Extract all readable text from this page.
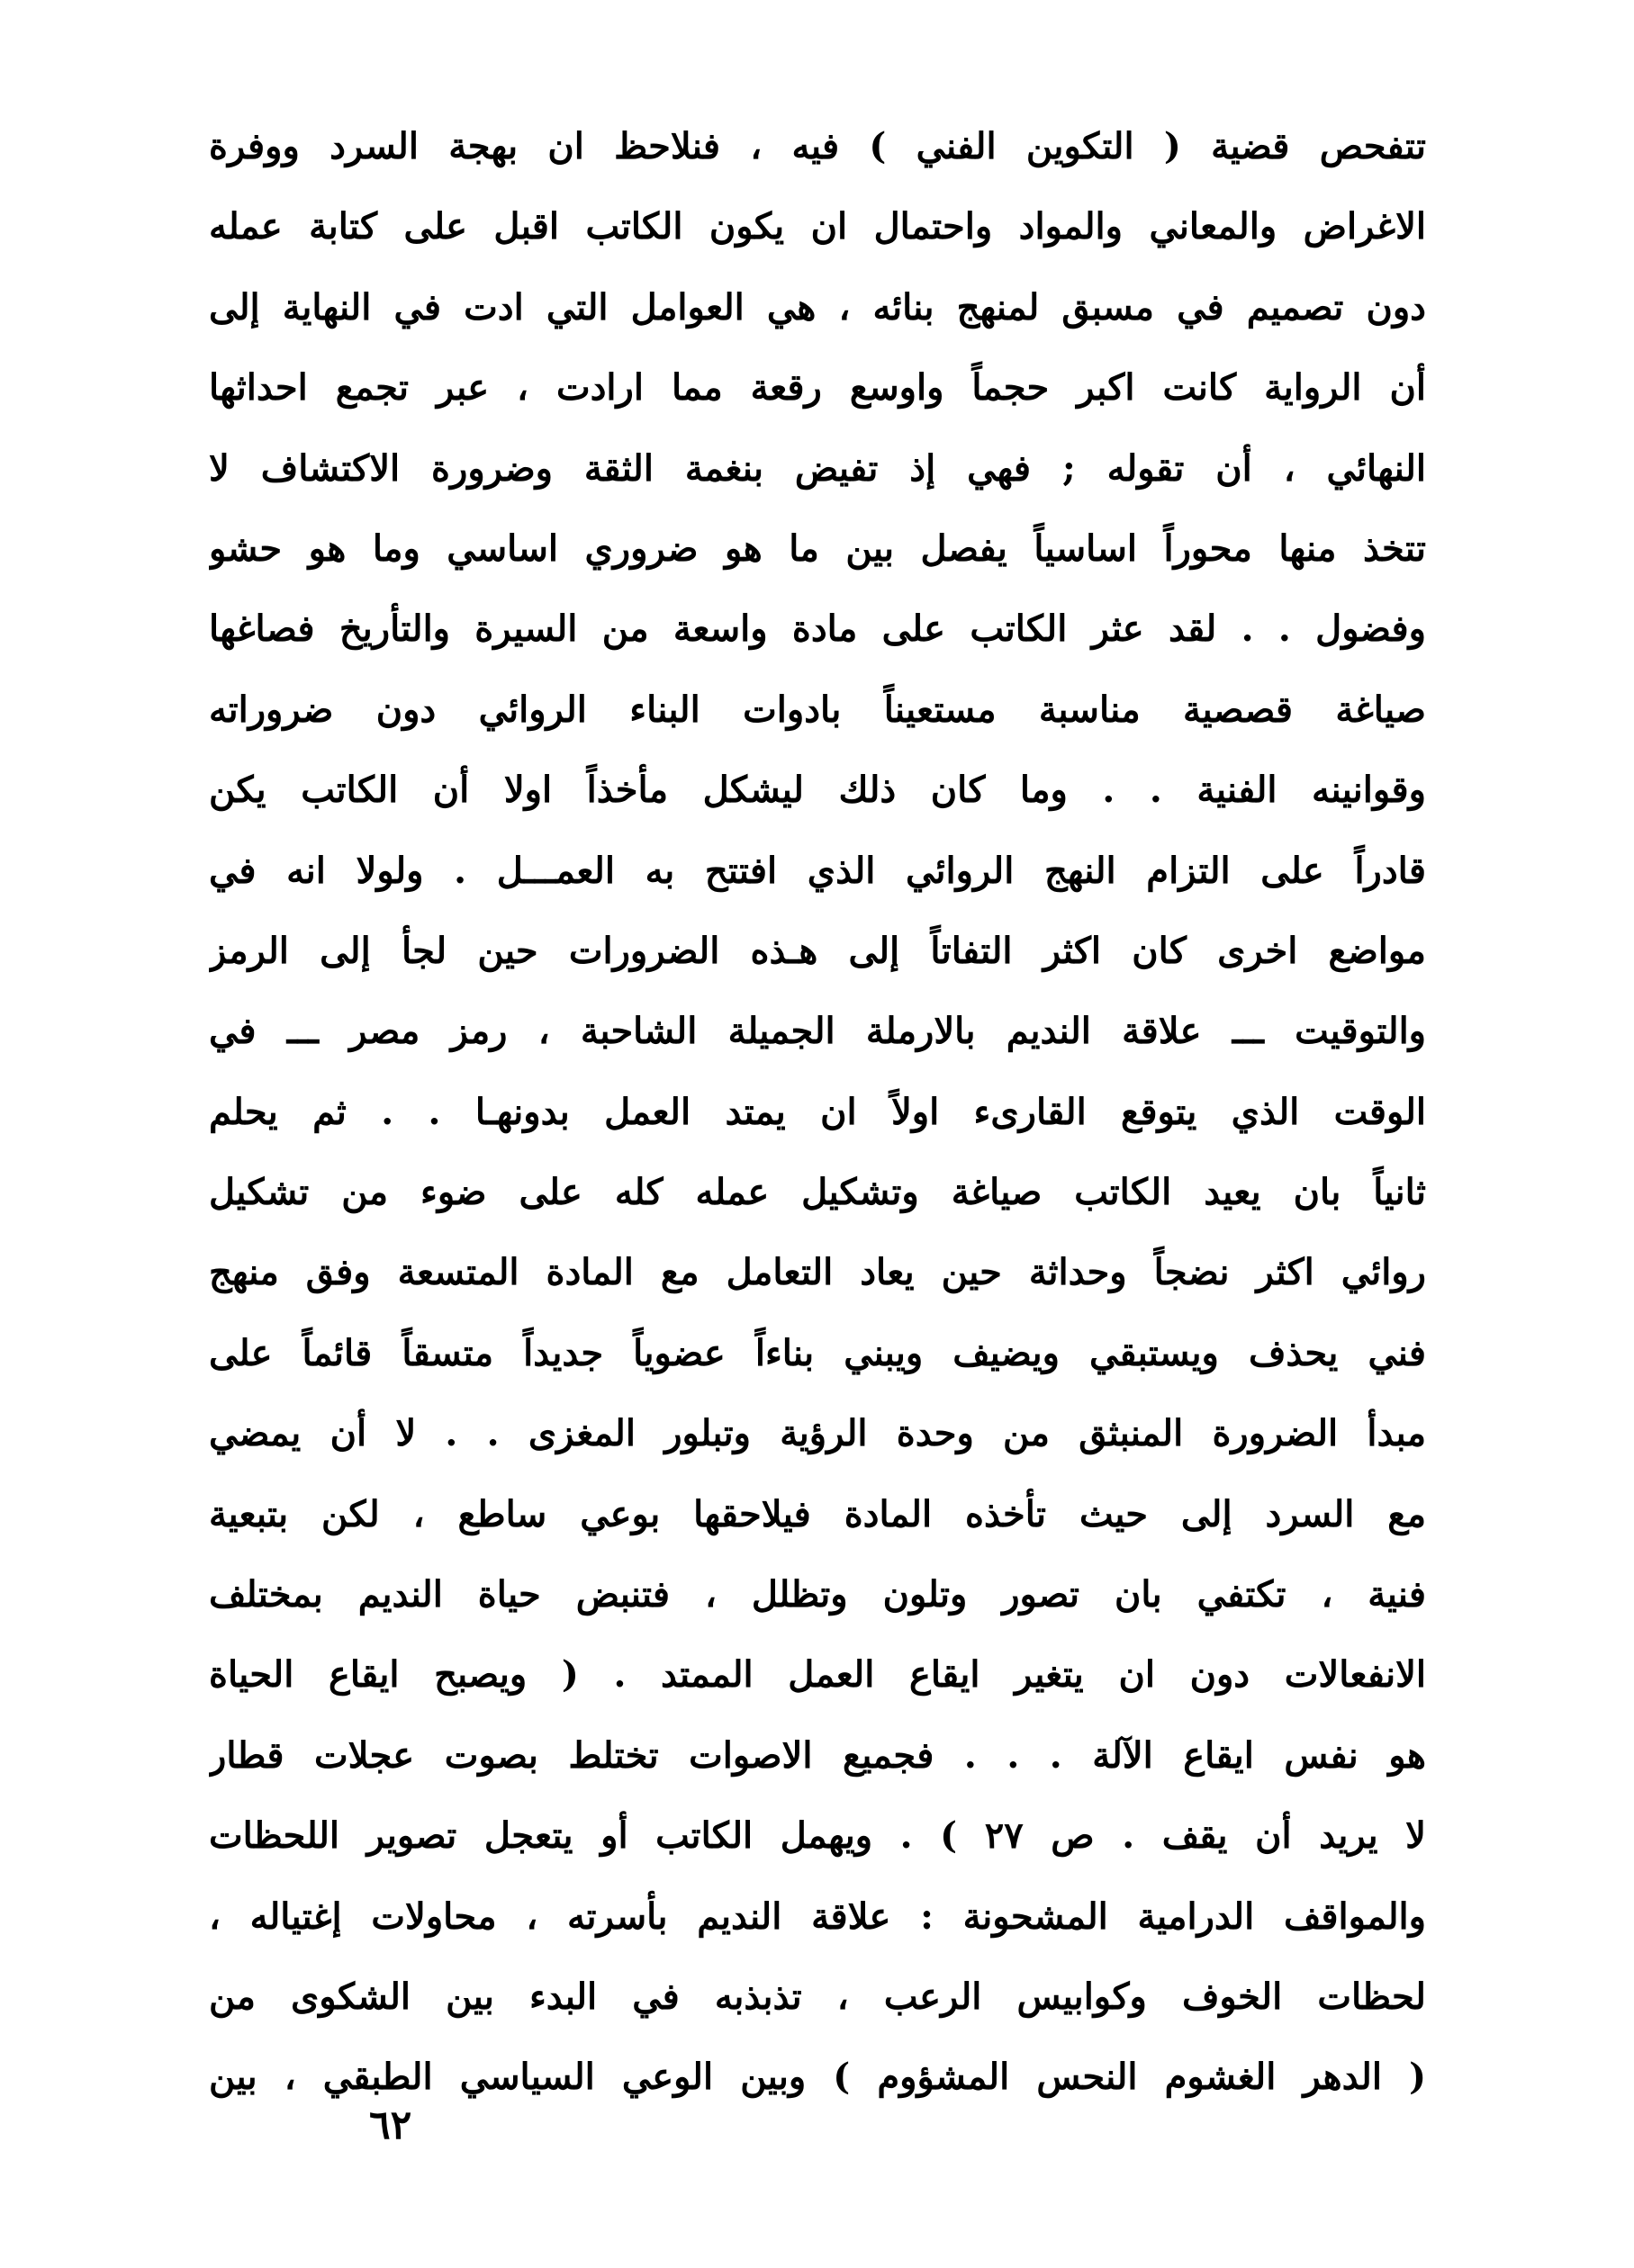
تتفحص قضية ( التكوين الفني ) فيه ، فنلاحظ ان بهجة السرد ووفرة
الاغراض والمعاني والمواد واحتمال ان يكون الكاتب اقبل على كتابة عمله
دون تصميم في مسبق لمنهج بنائه ، هي العوامل التي ادت في النهاية إلى
أن الرواية كانت اكبر حجماً واوسع رقعة مما ارادت ، عبر تجمع احداثها
النهائي ، أن تقوله ; فهي إذ تفيض بنغمة الثقة وضرورة الاكتشاف لا
تتخذ منها محوراً اساسياً يفصل بين ما هو ضروري اساسي وما هو حشو
وفضول . . لقد عثر الكاتب على مادة واسعة من السيرة والتأريخ فصاغها
صياغة قصصية مناسبة مستعيناً بادوات البناء الروائي دون ضروراته
وقوانينه الفنية . . وما كان ذلك ليشكل مأخذاً اولا أن الكاتب يكن
قادراً على التزام النهج الروائي الذي افتتح به العمـــل . ولولا انه في
مواضع اخرى كان اكثر التفاتاً إلى هـذه الضرورات حين لجأ إلى الرمز
والتوقيت ـــ علاقة النديم بالارملة الجميلة الشاحبة ، رمز مصر ـــ في
الوقت الذي يتوقع القارىء اولاً ان يمتد العمل بدونهـا . . ثم يحلم
ثانياً بان يعيد الكاتب صياغة وتشكيل عمله كله على ضوء من تشكيل
روائي اكثر نضجاً وحداثة حين يعاد التعامل مع المادة المتسعة وفق منهج
فني يحذف ويستبقي ويضيف ويبني بناءاً عضوياً جديداً متسقاً قائماً على
مبدأ الضرورة المنبثق من وحدة الرؤية وتبلور المغزى . . لا أن يمضي
مع السرد إلى حيث تأخذه المادة فيلاحقها بوعي ساطع ، لكن بتبعية
فنية ، تكتفي بان تصور وتلون وتظلل ، فتنبض حياة النديم بمختلف
الانفعالات دون ان يتغير ايقاع العمل الممتد . ( ويصبح ايقاع الحياة
هو نفس ايقاع الآلة . . . فجميع الاصوات تختلط بصوت عجلات قطار
لا يريد أن يقف . ص ٢٧ ) . ويهمل الكاتب أو يتعجل تصوير اللحظات
والمواقف الدرامية المشحونة : علاقة النديم بأسرته ، محاولات إغتياله ،
لحظات الخوف وكوابيس الرعب ، تذبذبه في البدء بين الشكوى من
( الدهر الغشوم النحس المشؤوم ) وبين الوعي السياسي الطبقي ، بين
٦٢
